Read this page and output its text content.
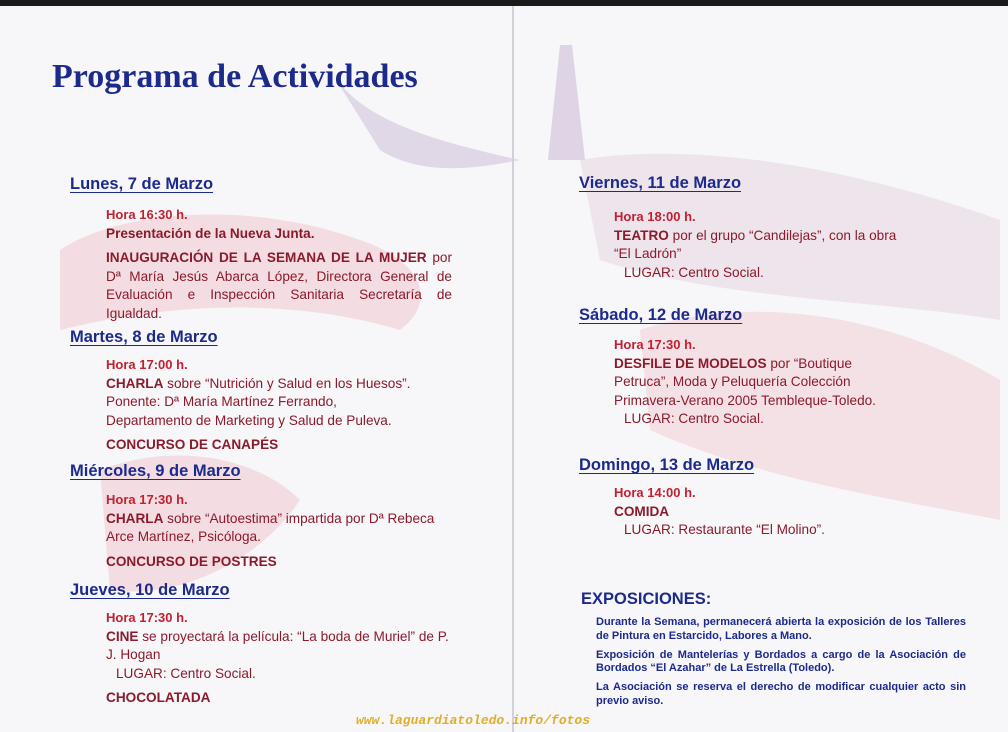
Programa de Actividades
Lunes, 7 de Marzo

Hora 16:30 h.

Presentación de la Nueva Junta.

INAUGURACIÓN DE LA SEMANA DE LA MUJER por Dª María Jesús Abarca López, Directora General de Evaluación e Inspección Sanitaria Secretaría de Igualdad.

Martes, 8 de Marzo

Hora 17:00 h.

CHARLA sobre “Nutrición y Salud en los Huesos”.

Ponente: Dª María Martínez Ferrando,

Departamento de Marketing y Salud de Puleva.

CONCURSO DE CANAPÉS

Miércoles, 9 de Marzo

Hora 17:30 h.

CHARLA sobre “Autoestima” impartida por Dª Rebeca Arce Martínez, Psicóloga.

CONCURSO DE POSTRES

Jueves, 10 de Marzo

Hora 17:30 h.

CINE se proyectará la película: “La boda de Muriel” de P. J. Hogan

LUGAR: Centro Social.

CHOCOLATADA

Viernes, 11 de Marzo

Hora 18:00 h.

TEATRO por el grupo “Candilejas”, con la obra “El Ladrón”

LUGAR: Centro Social.

Sábado, 12 de Marzo

Hora 17:30 h.

DESFILE DE MODELOS por “Boutique Petruca”, Moda y Peluquería Colección Primavera-Verano 2005 Tembleque-Toledo.

LUGAR: Centro Social.

Domingo, 13 de Marzo

Hora 14:00 h.

COMIDA

LUGAR: Restaurante “El Molino”.

EXPOSICIONES:

Durante la Semana, permanecerá abierta la exposición de los Talleres de Pintura en Estarcido, Labores a Mano.

Exposición de Mantelerías y Bordados a cargo de la Asociación de Bordados “El Azahar” de La Estrella (Toledo).

La Asociación se reserva el derecho de modificar cualquier acto sin previo aviso.

www.laguardiatoledo.info/fotos
